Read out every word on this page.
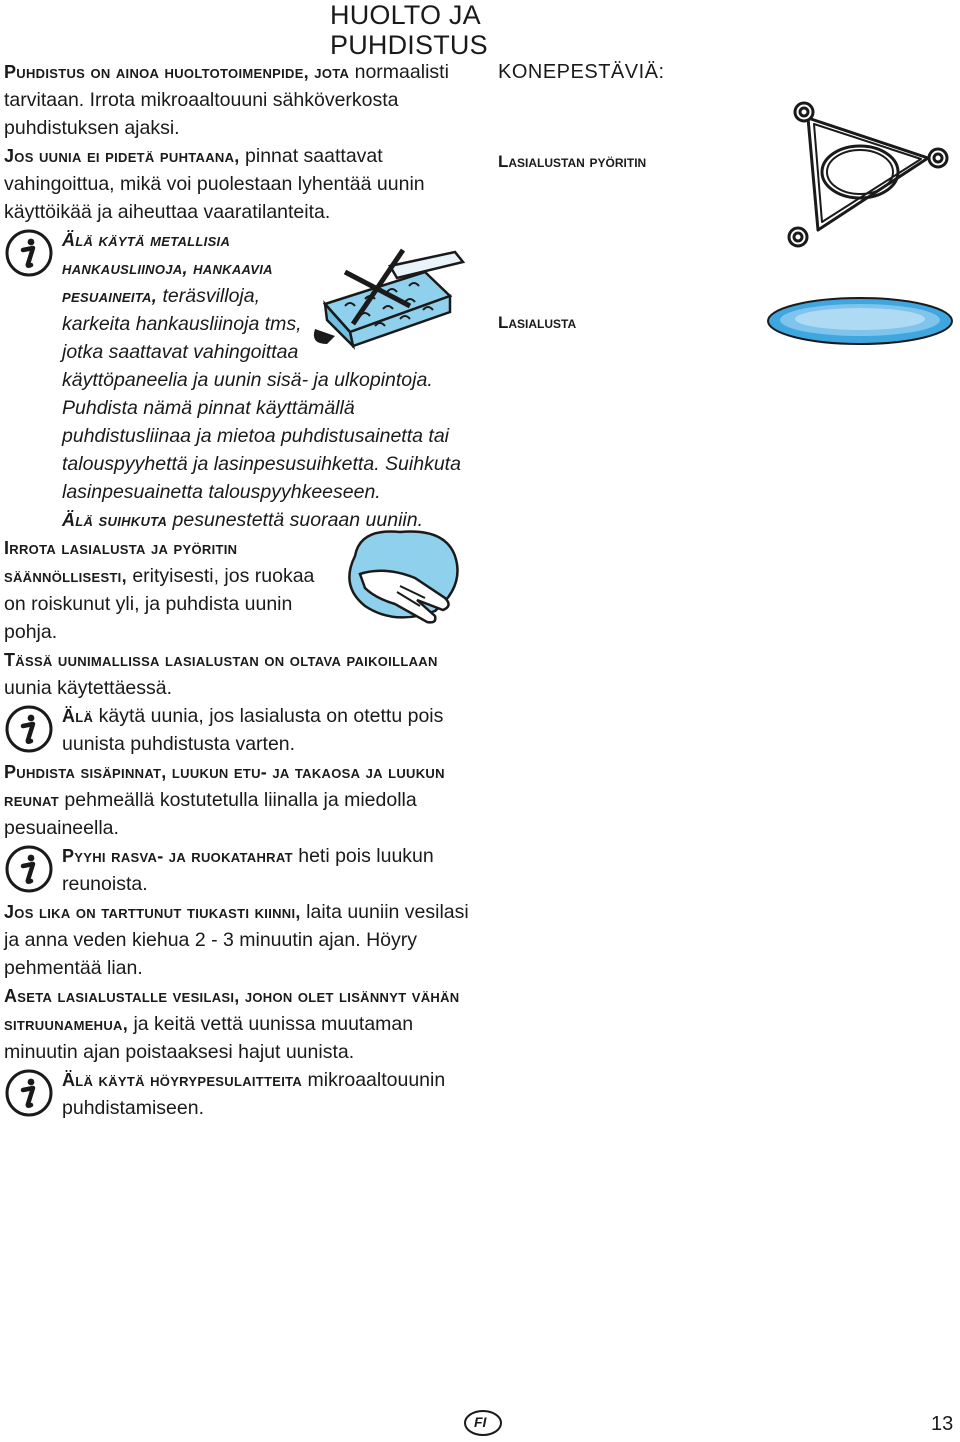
HUOLTO JA PUHDISTUS

Puhdistus on ainoa huoltotoimenpide, jota normaalisti tarvitaan. Irrota mikroaaltouuni sähköverkosta puhdistuksen ajaksi.

Jos uunia ei pidetä puhtaana, pinnat saattavat vahingoittua, mikä voi puolestaan lyhentää uunin käyttöikää ja aiheuttaa vaaratilanteita.

Älä käytä metallisia hankausliinoja, hankaavia pesuaineita, teräsvilloja, karkeita hankausliinoja tms, jotka saattavat vahingoittaa käyttöpaneelia ja uunin sisä- ja ulkopintoja. Puhdista nämä pinnat käyttämällä puhdistusliinaa ja mietoa puhdistusainetta tai talouspyyhettä ja lasinpesusuihketta. Suihkuta lasinpesuainetta talouspyyhkeeseen.
Älä suihkuta pesunestettä suoraan uuniin.

Irrota lasialusta ja pyöritin säännöllisesti, erityisesti, jos ruokaa on roiskunut yli, ja puhdista uunin pohja.

Tässä uunimallissa lasialustan on oltava paikoillaan uunia käytettäessä.

Älä käytä uunia, jos lasialusta on otettu pois uunista puhdistusta varten.

Puhdista sisäpinnat, luukun etu- ja takaosa ja luukun reunat pehmeällä kostutetulla liinalla ja miedolla pesuaineella.

Pyyhi rasva- ja ruokatahrat heti pois luukun reunoista.

Jos lika on tarttunut tiukasti kiinni, laita uuniin vesilasi ja anna veden kiehua 2 - 3 minuutin ajan. Höyry pehmentää lian.

Aseta lasialustalle vesilasi, johon olet lisännyt vähän sitruunamehua, ja keitä vettä uunissa muutaman minuutin ajan poistaaksesi hajut uunista.

Älä käytä höyrypesulaitteita mikroaaltouunin puhdistamiseen.

KONEPESTÄVIÄ:

Lasialustan pyöritin
Lasialusta
FI	13
